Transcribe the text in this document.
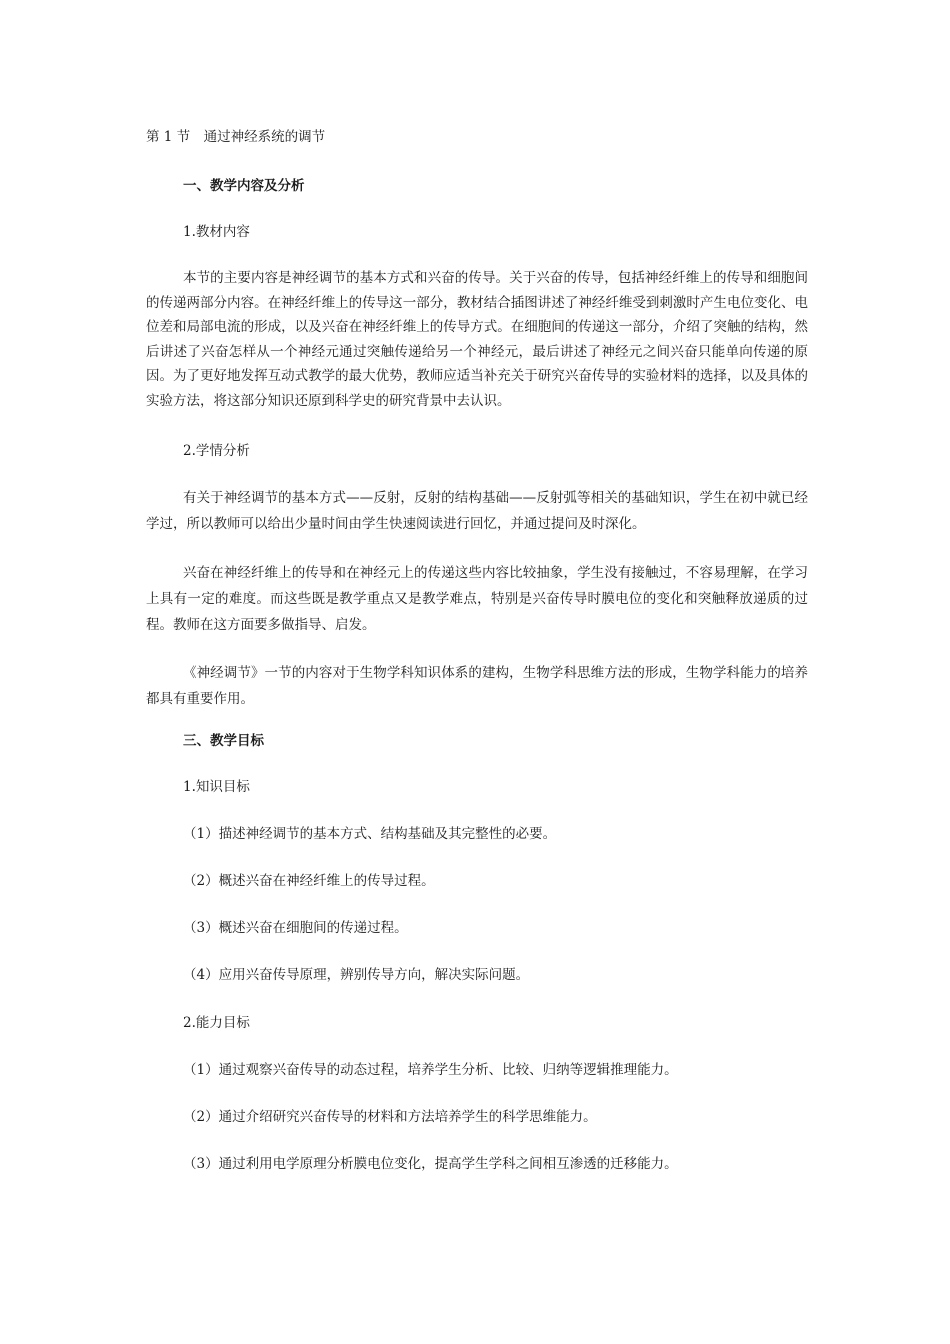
第 1 节　通过神经系统的调节

一、教学内容及分析

1.教材内容

本节的主要内容是神经调节的基本方式和兴奋的传导。关于兴奋的传导，包括神经纤维上的传导和细胞间的传递两部分内容。在神经纤维上的传导这一部分，教材结合插图讲述了神经纤维受到刺激时产生电位变化、电位差和局部电流的形成，以及兴奋在神经纤维上的传导方式。在细胞间的传递这一部分，介绍了突触的结构，然后讲述了兴奋怎样从一个神经元通过突触传递给另一个神经元，最后讲述了神经元之间兴奋只能单向传递的原因。为了更好地发挥互动式教学的最大优势，教师应适当补充关于研究兴奋传导的实验材料的选择，以及具体的实验方法，将这部分知识还原到科学史的研究背景中去认识。

2.学情分析

有关于神经调节的基本方式——反射，反射的结构基础——反射弧等相关的基础知识，学生在初中就已经学过，所以教师可以给出少量时间由学生快速阅读进行回忆，并通过提问及时深化。

兴奋在神经纤维上的传导和在神经元上的传递这些内容比较抽象，学生没有接触过，不容易理解，在学习上具有一定的难度。而这些既是教学重点又是教学难点，特别是兴奋传导时膜电位的变化和突触释放递质的过程。教师在这方面要多做指导、启发。

《神经调节》一节的内容对于生物学科知识体系的建构，生物学科思维方法的形成，生物学科能力的培养都具有重要作用。

三、教学目标

1.知识目标

（1）描述神经调节的基本方式、结构基础及其完整性的必要。

（2）概述兴奋在神经纤维上的传导过程。

（3）概述兴奋在细胞间的传递过程。

（4）应用兴奋传导原理，辨别传导方向，解决实际问题。

2.能力目标

（1）通过观察兴奋传导的动态过程，培养学生分析、比较、归纳等逻辑推理能力。

（2）通过介绍研究兴奋传导的材料和方法培养学生的科学思维能力。

（3）通过利用电学原理分析膜电位变化，提高学生学科之间相互渗透的迁移能力。
